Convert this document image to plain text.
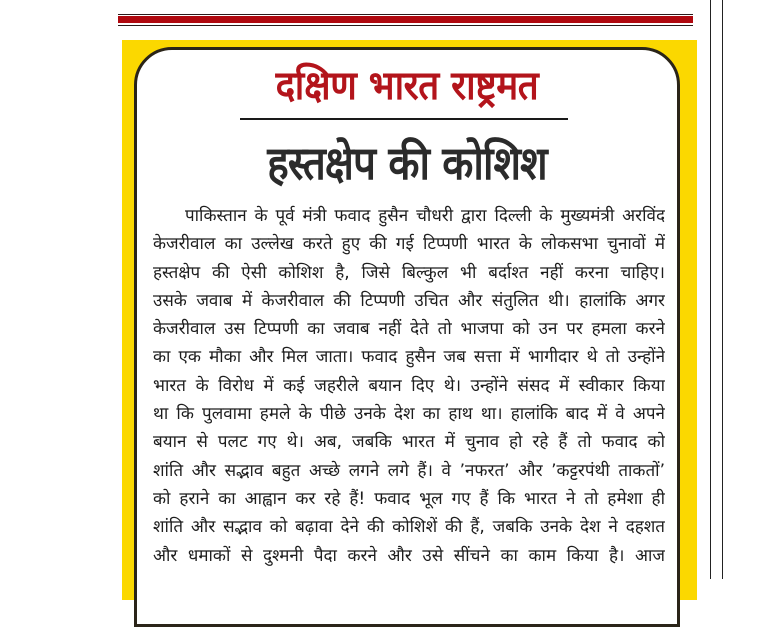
दक्षिण भारत राष्ट्रमत
हस्तक्षेप की कोशिश
पाकिस्तान के पूर्व मंत्री फवाद हुसैन चौधरी द्वारा दिल्ली के मुख्यमंत्री अरविंद
केजरीवाल का उल्लेख करते हुए की गई टिप्पणी भारत के लोकसभा चुनावों में
हस्तक्षेप की ऐसी कोशिश है, जिसे बिल्कुल भी बर्दाश्त नहीं करना चाहिए।
उसके जवाब में केजरीवाल की टिप्पणी उचित और संतुलित थी। हालांकि अगर
केजरीवाल उस टिप्पणी का जवाब नहीं देते तो भाजपा को उन पर हमला करने
का एक मौका और मिल जाता। फवाद हुसैन जब सत्ता में भागीदार थे तो उन्होंने
भारत के विरोध में कई जहरीले बयान दिए थे। उन्होंने संसद में स्वीकार किया
था कि पुलवामा हमले के पीछे उनके देश का हाथ था। हालांकि बाद में वे अपने
बयान से पलट गए थे। अब, जबकि भारत में चुनाव हो रहे हैं तो फवाद को
शांति और सद्भाव बहुत अच्छे लगने लगे हैं। वे ’नफरत’ और ’कट्टरपंथी ताकतों’
को हराने का आह्वान कर रहे हैं! फवाद भूल गए हैं कि भारत ने तो हमेशा ही
शांति और सद्भाव को बढ़ावा देने की कोशिशें की हैं, जबकि उनके देश ने दहशत
और धमाकों से दुश्मनी पैदा करने और उसे सींचने का काम किया है। आज
